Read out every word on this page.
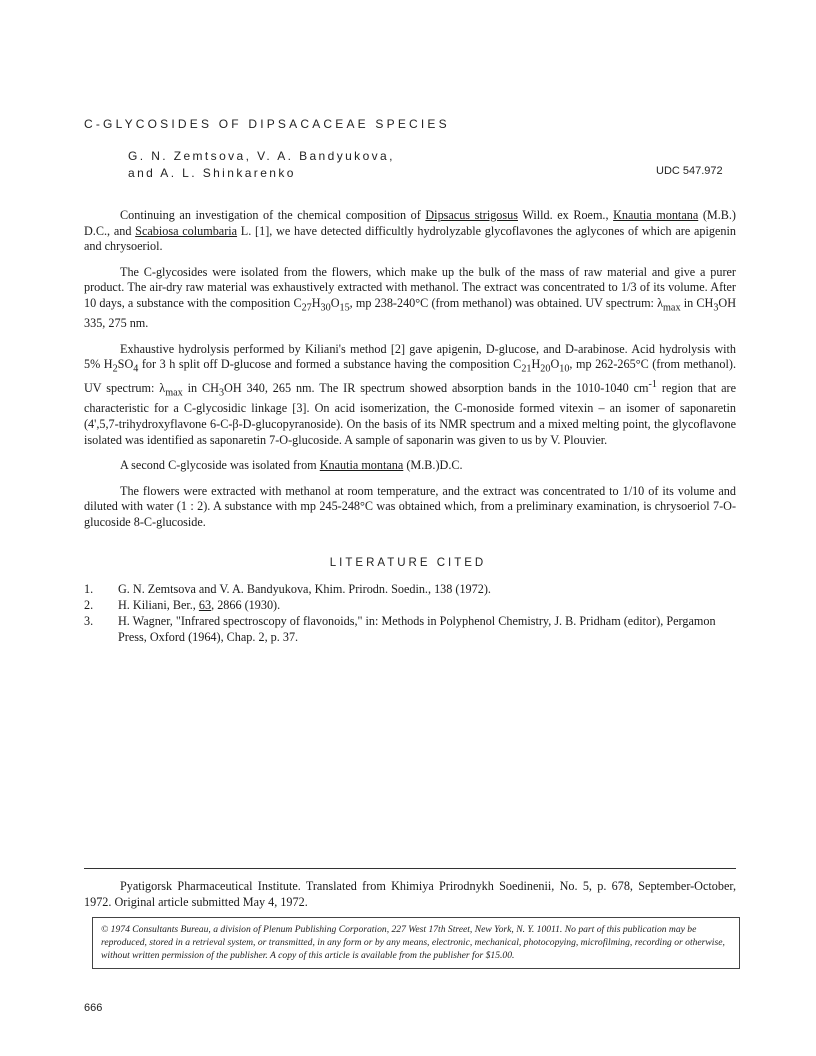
C-GLYCOSIDES OF DIPSACACEAE SPECIES
G. N. Zemtsova, V. A. Bandyukova,
and A. L. Shinkarenko	UDC 547.972

Continuing an investigation of the chemical composition of Dipsacus strigosus Willd. ex Roem., Knautia montana (M.B.) D.C., and Scabiosa columbaria L. [1], we have detected difficultly hydrolyzable glycoflavones the aglycones of which are apigenin and chrysoeriol.

The C-glycosides were isolated from the flowers, which make up the bulk of the mass of raw material and give a purer product. The air-dry raw material was exhaustively extracted with methanol. The extract was concentrated to 1/3 of its volume. After 10 days, a substance with the composition $C_{27}H_{30}O_{15}$, mp 238-240°C (from methanol) was obtained. UV spectrum: $\lambda_{max}$ in $CH_3OH$ 335, 275 nm.

Exhaustive hydrolysis performed by Kiliani's method [2] gave apigenin, D-glucose, and D-arabinose. Acid hydrolysis with 5% $H_2SO_4$ for 3 h split off D-glucose and formed a substance having the composition $C_{21}H_{20}O_{10}$, mp 262-265°C (from methanol). UV spectrum: $\lambda_{max}$ in $CH_3OH$ 340, 265 nm. The IR spectrum showed absorption bands in the 1010-1040 $cm^{-1}$ region that are characteristic for a C-glycosidic linkage [3]. On acid isomerization, the C-monoside formed vitexin – an isomer of saponaretin (4',5,7-trihydroxyflavone 6-C-β-D-glucopyranoside). On the basis of its NMR spectrum and a mixed melting point, the glycoflavone isolated was identified as saponaretin 7-O-glucoside. A sample of saponarin was given to us by V. Plouvier.

A second C-glycoside was isolated from Knautia montana (M.B.)D.C.

The flowers were extracted with methanol at room temperature, and the extract was concentrated to 1/10 of its volume and diluted with water (1 : 2). A substance with mp 245-248°C was obtained which, from a preliminary examination, is chrysoeriol 7-O-glucoside 8-C-glucoside.

LITERATURE CITED
1.	G. N. Zemtsova and V. A. Bandyukova, Khim. Prirodn. Soedin., 138 (1972).
2.	H. Kiliani, Ber., 63, 2866 (1930).
3.	H. Wagner, "Infrared spectroscopy of flavonoids," in: Methods in Polyphenol Chemistry, J. B. Pridham (editor), Pergamon Press, Oxford (1964), Chap. 2, p. 37.
Pyatigorsk Pharmaceutical Institute. Translated from Khimiya Prirodnykh Soedinenii, No. 5, p. 678, September-October, 1972. Original article submitted May 4, 1972.
© 1974 Consultants Bureau, a division of Plenum Publishing Corporation, 227 West 17th Street, New York, N. Y. 10011. No part of this publication may be reproduced, stored in a retrieval system, or transmitted, in any form or by any means, electronic, mechanical, photocopying, microfilming, recording or otherwise, without written permission of the publisher. A copy of this article is available from the publisher for $15.00.
666
